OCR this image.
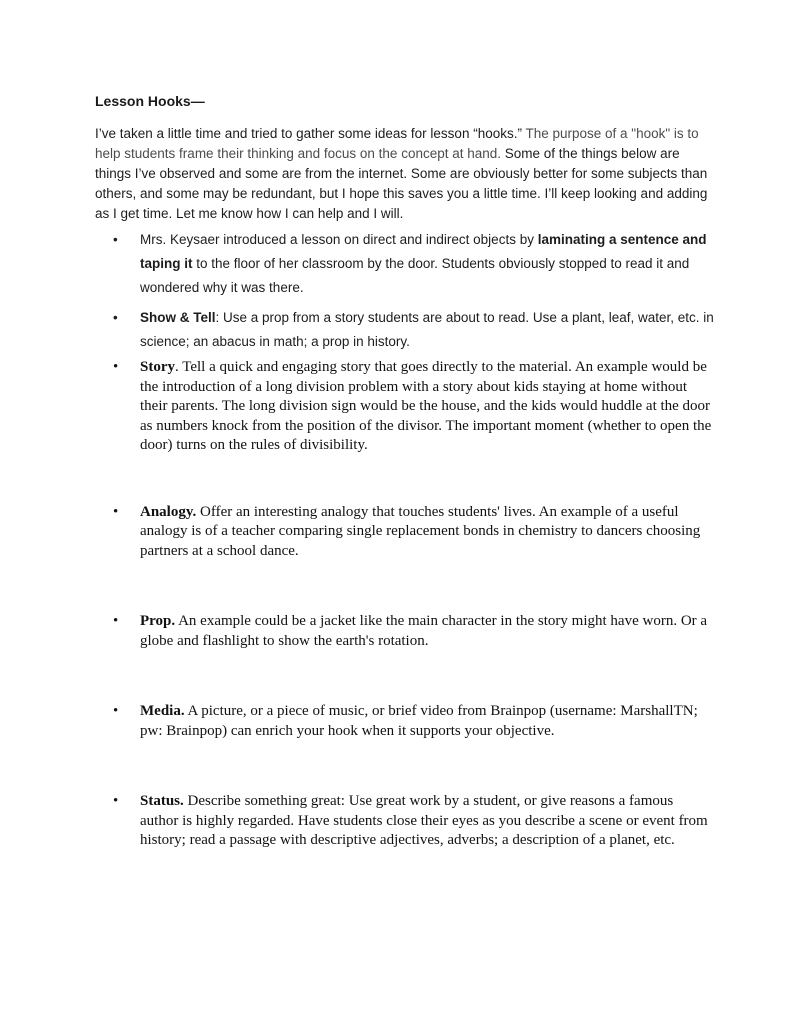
Lesson Hooks—

I’ve taken a little time and tried to gather some ideas for lesson “hooks.” The purpose of a "hook" is to help students frame their thinking and focus on the concept at hand. Some of the things below are things I’ve observed and some are from the internet. Some are obviously better for some subjects than others, and some may be redundant, but I hope this saves you a little time. I’ll keep looking and adding as I get time. Let me know how I can help and I will.

•	Mrs. Keysaer introduced a lesson on direct and indirect objects by laminating a sentence and taping it to the floor of her classroom by the door. Students obviously stopped to read it and wondered why it was there.
•	Show & Tell: Use a prop from a story students are about to read. Use a plant, leaf, water, etc. in science; an abacus in math; a prop in history.
•	Story. Tell a quick and engaging story that goes directly to the material. An example would be the introduction of a long division problem with a story about kids staying at home without their parents. The long division sign would be the house, and the kids would huddle at the door as numbers knock from the position of the divisor. The important moment (whether to open the door) turns on the rules of divisibility.
•	Analogy. Offer an interesting analogy that touches students' lives. An example of a useful analogy is of a teacher comparing single replacement bonds in chemistry to dancers choosing partners at a school dance.
•	Prop. An example could be a jacket like the main character in the story might have worn. Or a globe and flashlight to show the earth's rotation.
•	Media. A picture, or a piece of music, or brief video from Brainpop (username: MarshallTN; pw: Brainpop) can enrich your hook when it supports your objective.
•	Status. Describe something great: Use great work by a student, or give reasons a famous author is highly regarded. Have students close their eyes as you describe a scene or event from history; read a passage with descriptive adjectives, adverbs; a description of a planet, etc.
